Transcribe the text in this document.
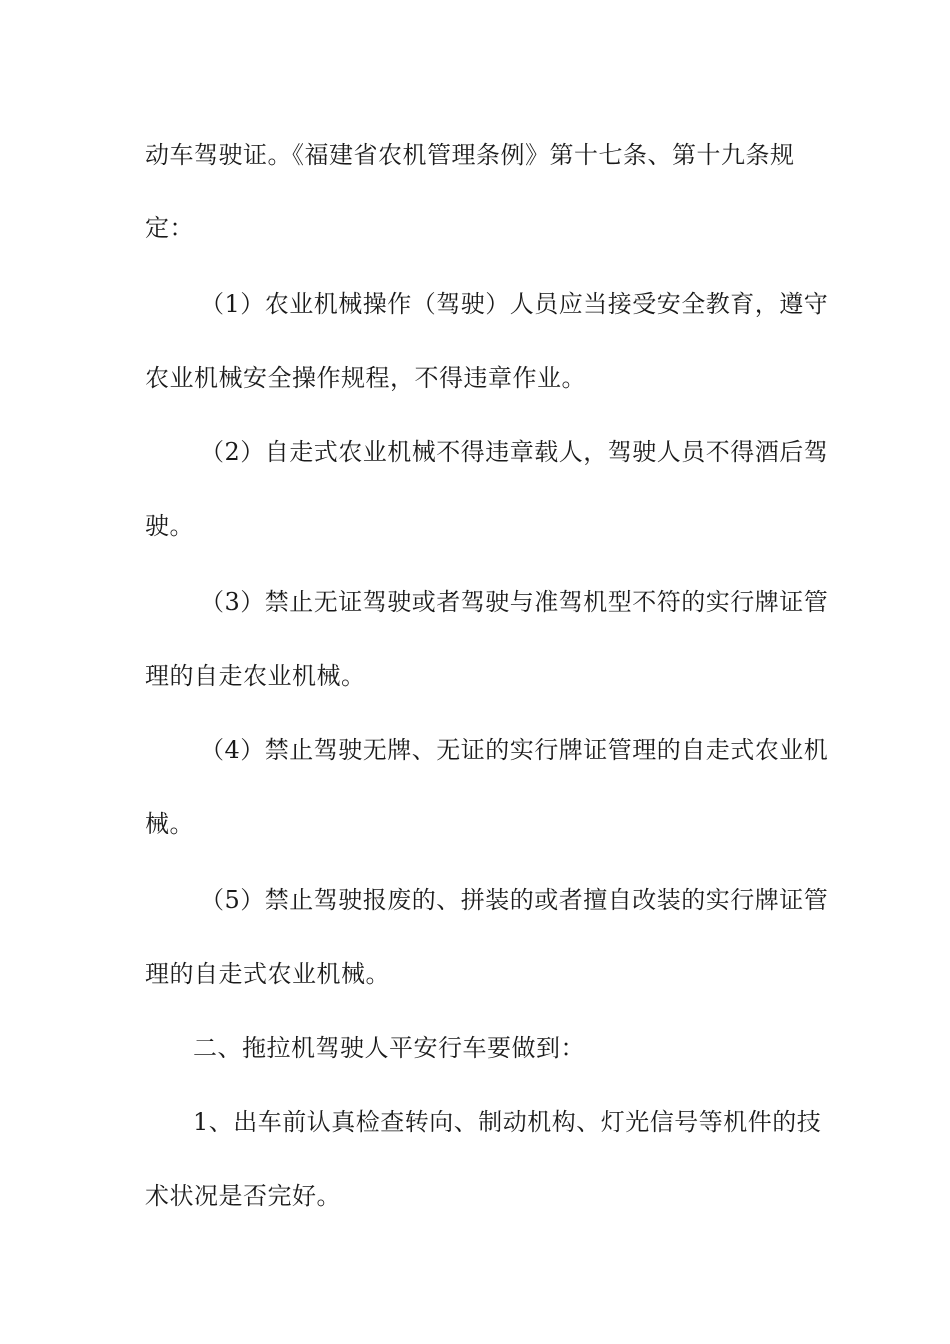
动车驾驶证。《福建省农机管理条例》第十七条、第十九条规
定：
（1）农业机械操作（驾驶）人员应当接受安全教育，遵守
农业机械安全操作规程，不得违章作业。
（2）自走式农业机械不得违章载人，驾驶人员不得酒后驾
驶。
（3）禁止无证驾驶或者驾驶与准驾机型不符的实行牌证管
理的自走农业机械。
（4）禁止驾驶无牌、无证的实行牌证管理的自走式农业机
械。
（5）禁止驾驶报废的、拼装的或者擅自改装的实行牌证管
理的自走式农业机械。
二、拖拉机驾驶人平安行车要做到：
1、出车前认真检查转向、制动机构、灯光信号等机件的技
术状况是否完好。
